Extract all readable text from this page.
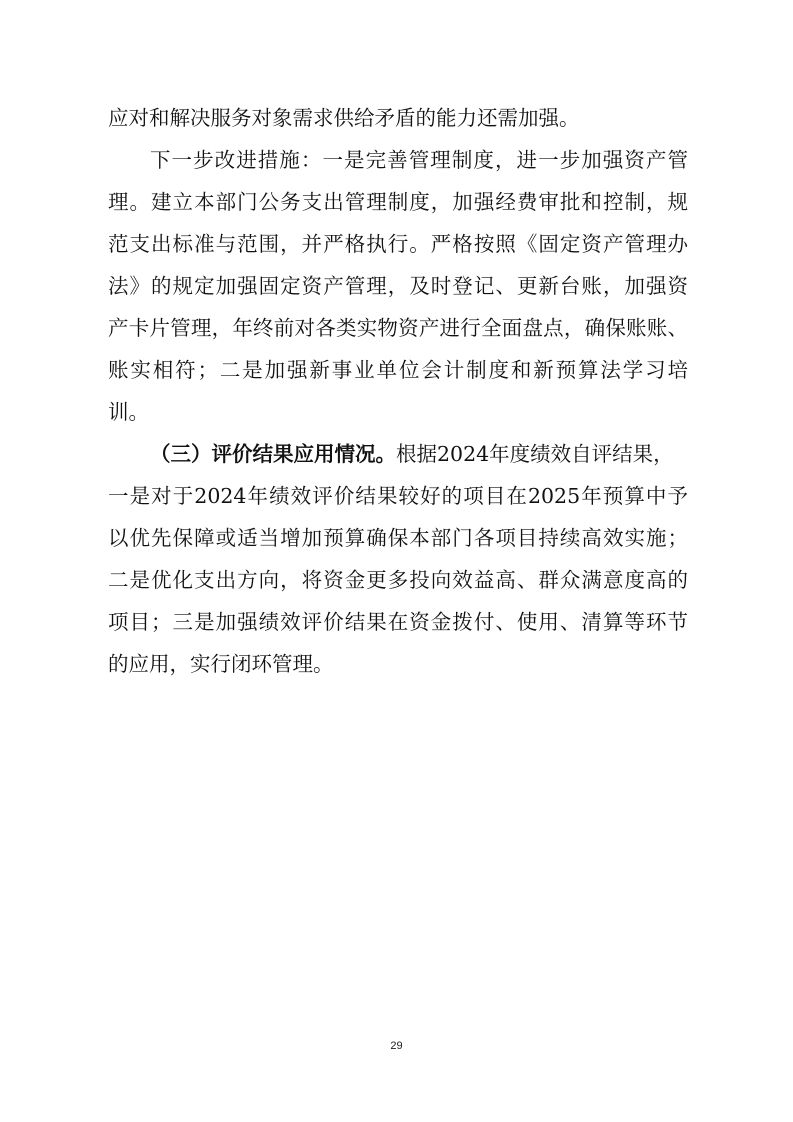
应对和解决服务对象需求供给矛盾的能力还需加强。
下一步改进措施：一是完善管理制度，进一步加强资产管
理。建立本部门公务支出管理制度，加强经费审批和控制，规
范支出标准与范围，并严格执行。严格按照《固定资产管理办
法》的规定加强固定资产管理，及时登记、更新台账，加强资
产卡片管理，年终前对各类实物资产进行全面盘点，确保账账、
账实相符；二是加强新事业单位会计制度和新预算法学习培
训。
（三）评价结果应用情况。根据2024年度绩效自评结果，
一是对于2024年绩效评价结果较好的项目在2025年预算中予
以优先保障或适当增加预算确保本部门各项目持续高效实施；
二是优化支出方向，将资金更多投向效益高、群众满意度高的
项目；三是加强绩效评价结果在资金拨付、使用、清算等环节
的应用，实行闭环管理。
29
